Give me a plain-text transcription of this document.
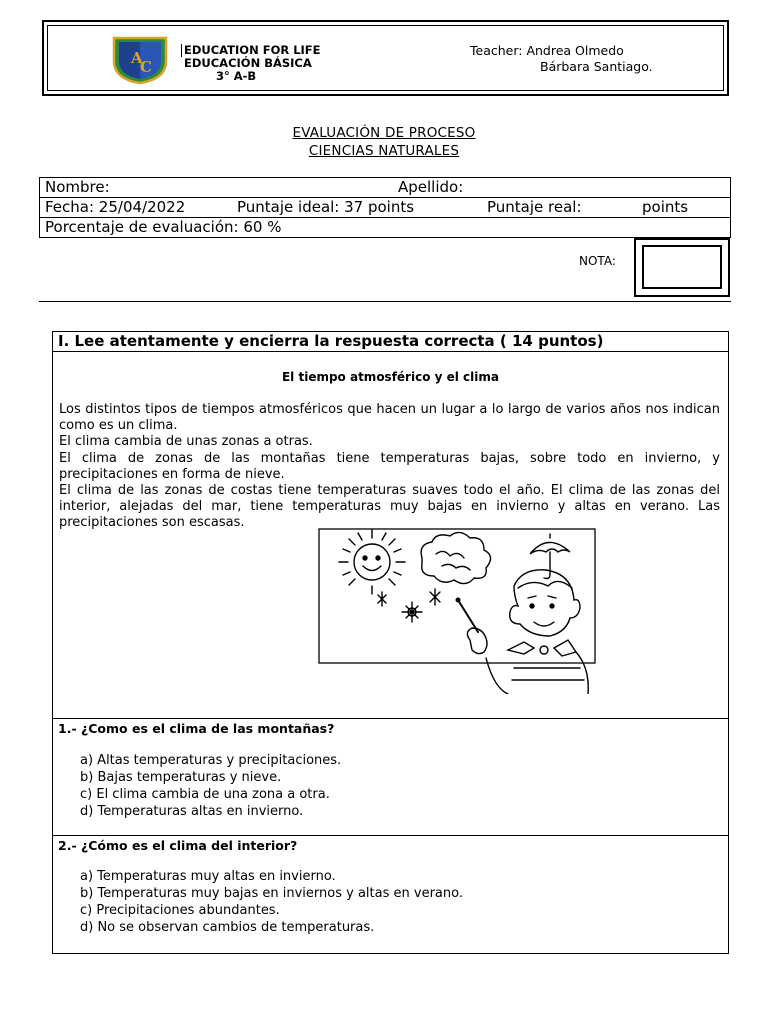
A
C
EDUCATION FOR LIFE
EDUCACIÓN BÁSICA
3° A-B
Teacher: Andrea Olmedo
Bárbara Santiago.
EVALUACIÓN DE PROCESO
CIENCIAS NATURALES
Nombre:	Apellido:
Fecha: 25/04/2022	Puntaje ideal: 37 points	Puntaje real:	points
Porcentaje de evaluación: 60 %
NOTA:
I. Lee atentamente y encierra la respuesta correcta ( 14 puntos)
El tiempo atmosférico y el clima

Los distintos tipos de tiempos atmosféricos que hacen un lugar a lo largo de varios años nos indican como es un clima.

El clima cambia de unas zonas a otras.

El clima de zonas de las montañas tiene temperaturas bajas, sobre todo en invierno, y precipitaciones en forma de nieve.

El clima de las zonas de costas tiene temperaturas suaves todo el año. El clima de las zonas del interior, alejadas del mar, tiene temperaturas muy bajas en invierno y altas en verano. Las precipitaciones son escasas.

1.- ¿Como es el clima de las montañas?
a) Altas temperaturas y precipitaciones.
b) Bajas temperaturas y nieve.
c) El clima cambia de una zona a otra.
d) Temperaturas altas en invierno.
2.- ¿Cómo es el clima del interior?
a) Temperaturas muy altas en invierno.
b) Temperaturas muy bajas en inviernos y altas en verano.
c) Precipitaciones abundantes.
d) No se observan cambios de temperaturas.
